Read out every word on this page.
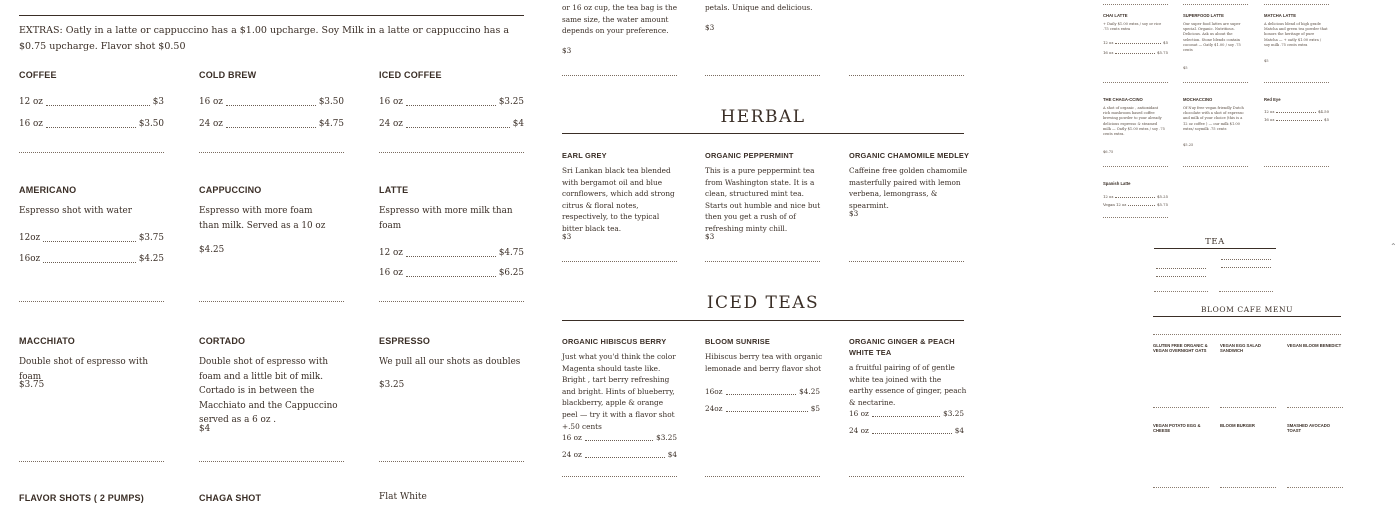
EXTRAS: Oatly in a latte or cappuccino has a $1.00 upcharge. Soy Milk in a latte or cappuccino has a $0.75 upcharge. Flavor shot $0.50
COFFEE
12 oz	$3
16 oz	$3.50
COLD BREW
16 oz	$3.50
24 oz	$4.75
ICED COFFEE
16 oz	$3.25
24 oz	$4
AMERICANO
Espresso shot with water
12oz	$3.75
16oz	$4.25
CAPPUCCINO
Espresso with more foam than milk. Served as a 10 oz
$4.25
LATTE
Espresso with more milk than foam
12 oz	$4.75
16 oz	$6.25
MACCHIATO
Double shot of espresso with foam
$3.75
CORTADO
Double shot of espresso with foam and a little bit of milk. Cortado is in between the Macchiato and the Cappuccino served as a 6 oz .
$4
ESPRESSO
We pull all our shots as doubles
$3.25
FLAVOR SHOTS ( 2 PUMPS)	CHAGA SHOT	Flat White
or 16 oz cup, the tea bag is the same size, the water amount depends on your preference.
$3
petals. Unique and delicious.
$3
HERBAL
EARL GREY
Sri Lankan black tea blended with bergamot oil and blue cornflowers, which add strong citrus & floral notes, respectively, to the typical bitter black tea.
$3
ORGANIC PEPPERMINT
This is a pure peppermint tea from Washington state. It is a clean, structured mint tea. Starts out humble and nice but then you get a rush of of refreshing minty chill.
$3
ORGANIC CHAMOMILE MEDLEY
Caffeine free golden chamomile masterfully paired with lemon verbena, lemongrass, & spearmint.
$3
ICED TEAS
ORGANIC HIBISCUS BERRY
Just what you'd think the color Magenta should taste like. Bright , tart berry refreshing and bright. Hints of blueberry, blackberry, apple & orange peel — try it with a flavor shot +.50 cents
16 oz	$3.25
24 oz	$4
BLOOM SUNRISE
Hibiscus berry tea with organic lemonade and berry flavor shot
16oz	$4.25
24oz	$5
ORGANIC GINGER & PEACH WHITE TEA
a fruitful pairing of of gentle white tea joined with the earthy essence of ginger, peach & nectarine.
16 oz	$3.25
24 oz	$4
CHAI LATTE
+ Daily $1.00 extra / soy or rice .75 cents extra
12 oz	$5
16 oz	$5.75
SUPERFOOD LATTE
Our super food lattes are super special. Organic. Nutritious. Delicious. Ask us about the selection. Stone blends contain coconut — Oatly $1.00 / soy .75 cents
$5
MATCHA LATTE
A delicious blend of high grade Matcha and green tea powder that honors the heritage of pure Matcha — + oatly $1.00 extra / soy milk .75 cents extra
$5
THE CHAGA-CCINO
A shot of organic , antioxidant rich mushroom based coffee brewing powder to your already delicious espresso & steamed milk — Oatly $1.00 extra / soy .75 cents extra.
$6.75
MOCHACCINO
Of Nuy free vegan friendly Dutch chocolate with a shot of espresso and milk of your choice (this is a 12 oz coffee ) — our milk $1.00 extra/ soymilk .75 cents
$5.25
Red Eye
12 oz	$4.50
16 oz	$5
Spanish Latte
12 oz	$5.25
Vegan 12 oz	$5.75
TEA
BLOOM CAFE MENU
GLUTEN FREE ORGANIC & VEGAN OVERNIGHT OATS
VEGAN EGG SALAD SANDWICH
VEGAN BLOOM BENEDICT
VEGAN POTATO EGG & CHEESE
BLOOM BURGER	SMASHED AVOCADO TOAST
⌃
